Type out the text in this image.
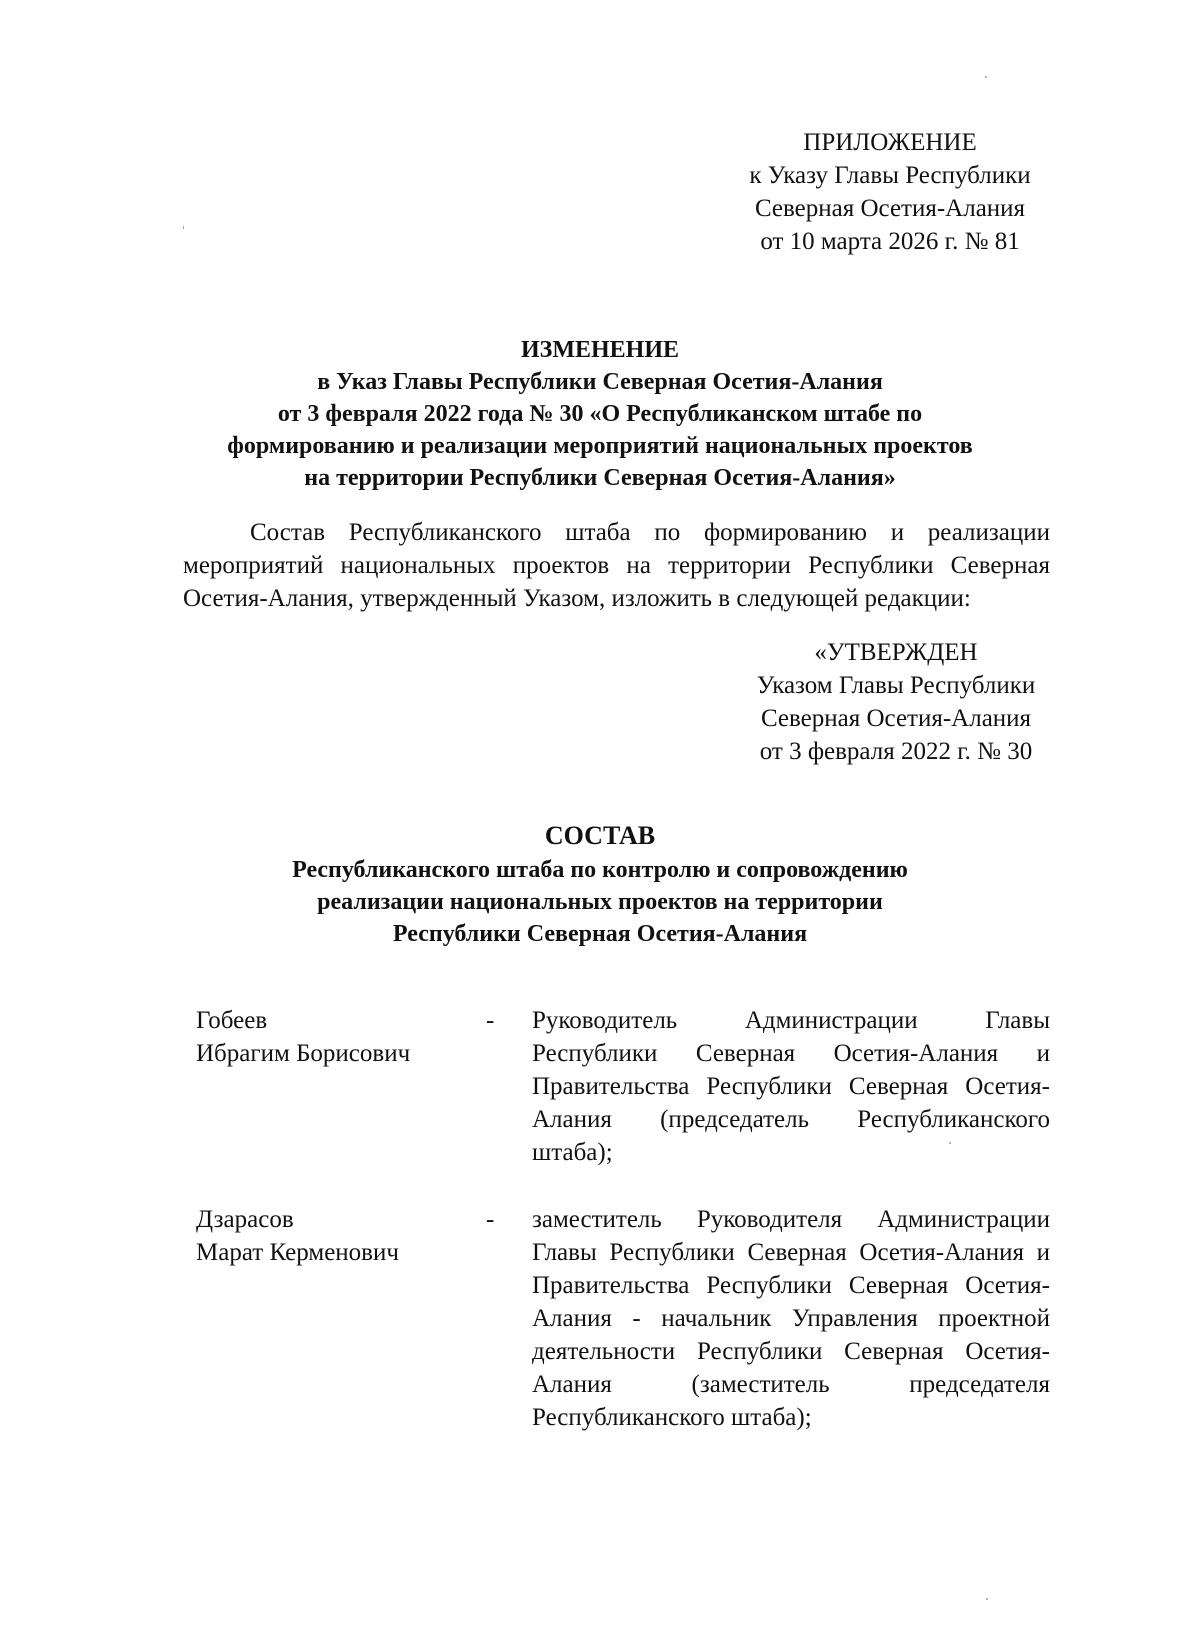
ПРИЛОЖЕНИЕ
к Указу Главы Республики
Северная Осетия-Алания
от 10 марта 2026 г. № 81
ИЗМЕНЕНИЕ
в Указ Главы Республики Северная Осетия-Алания
от 3 февраля 2022 года № 30 «О Республиканском штабе по
формированию и реализации мероприятий национальных проектов
на территории Республики Северная Осетия-Алания»
Состав Республиканского штаба по формированию и реализации мероприятий национальных проектов на территории Республики Северная Осетия-Алания, утвержденный Указом, изложить в следующей редакции:
«УТВЕРЖДЕН
Указом Главы Республики
Северная Осетия-Алания
от 3 февраля 2022 г. № 30
СОСТАВ
Республиканского штаба по контролю и сопровождению
реализации национальных проектов на территории
Республики Северная Осетия-Алания
Гобеев
Ибрагим Борисович
-	Руководитель Администрации Главы Республики Северная Осетия-Алания и Правительства Республики Северная Осетия-Алания (председатель Республиканского штаба);
Дзарасов
Марат Керменович
-	заместитель Руководителя Администрации Главы Республики Северная Осетия-Алания и Правительства Республики Северная Осетия-Алания - начальник Управления проектной деятельности Республики Северная Осетия-Алания (заместитель председателя Республиканского штаба);
